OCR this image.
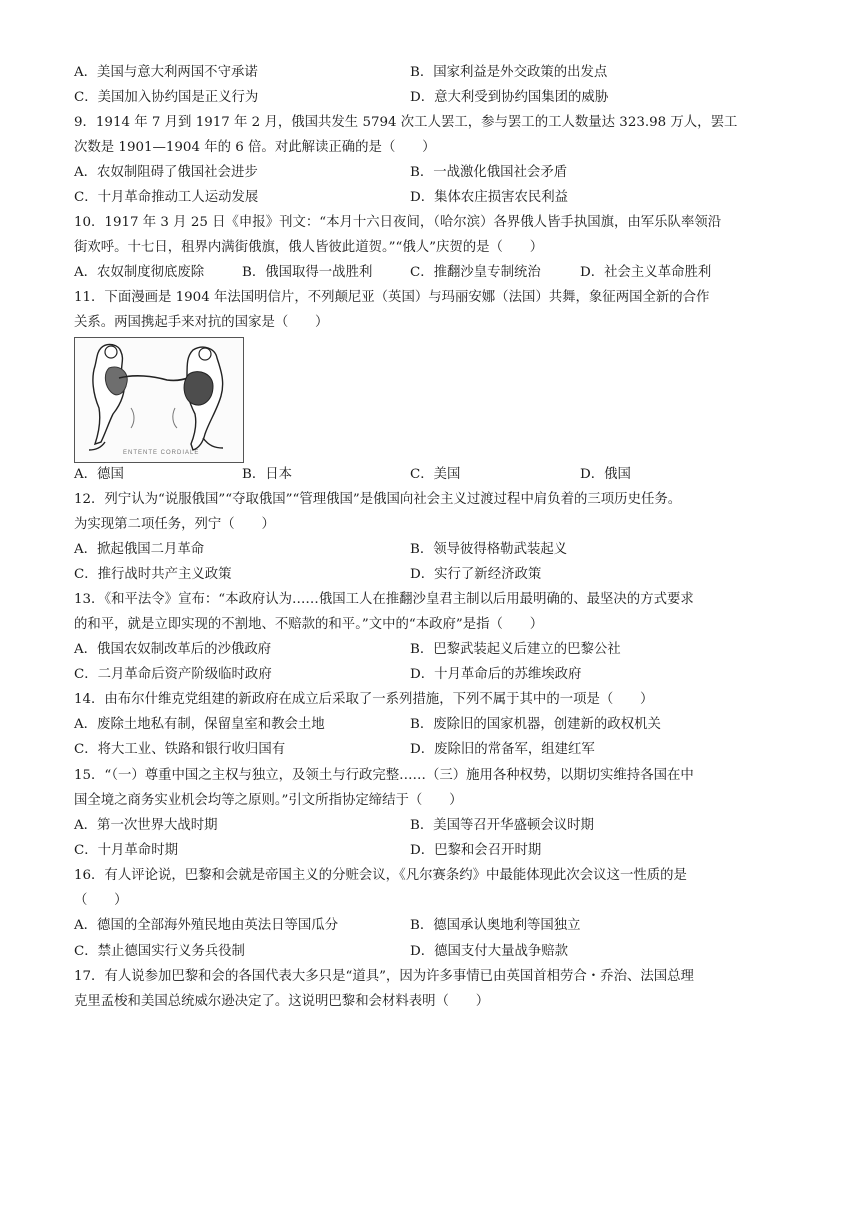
A．美国与意大利两国不守承诺	B．国家利益是外交政策的出发点
C．美国加入协约国是正义行为	D．意大利受到协约国集团的威胁
9．1914 年 7 月到 1917 年 2 月，俄国共发生 5794 次工人罢工，参与罢工的工人数量达 323.98 万人，罢工
次数是 1901—1904 年的 6 倍。对此解读正确的是（　　）
A．农奴制阻碍了俄国社会进步	B．一战激化俄国社会矛盾
C．十月革命推动工人运动发展	D．集体农庄损害农民利益
10．1917 年 3 月 25 日《申报》刊文：“本月十六日夜间，（哈尔滨）各界俄人皆手执国旗，由军乐队率领沿
街欢呼。十七日，租界内满街俄旗，俄人皆彼此道贺。”“俄人”庆贺的是（　　）
A．农奴制度彻底废除	B．俄国取得一战胜利	C．推翻沙皇专制统治	D．社会主义革命胜利
11．下面漫画是 1904 年法国明信片，不列颠尼亚（英国）与玛丽安娜（法国）共舞，象征两国全新的合作
关系。两国携起手来对抗的国家是（　　）
ENTENTE CORDIALE
A．德国	B．日本	C．美国	D．俄国
12．列宁认为“说服俄国”“夺取俄国”“管理俄国”是俄国向社会主义过渡过程中肩负着的三项历史任务。
为实现第二项任务，列宁（　　）
A．掀起俄国二月革命	B．领导彼得格勒武装起义
C．推行战时共产主义政策	D．实行了新经济政策
13．《和平法令》宣布：“本政府认为……俄国工人在推翻沙皇君主制以后用最明确的、最坚决的方式要求
的和平，就是立即实现的不割地、不赔款的和平。”文中的“本政府”是指（　　）
A．俄国农奴制改革后的沙俄政府	B．巴黎武装起义后建立的巴黎公社
C．二月革命后资产阶级临时政府	D．十月革命后的苏维埃政府
14．由布尔什维克党组建的新政府在成立后采取了一系列措施，下列不属于其中的一项是（　　）
A．废除土地私有制，保留皇室和教会土地	B．废除旧的国家机器，创建新的政权机关
C．将大工业、铁路和银行收归国有	D．废除旧的常备军，组建红军
15．“（一）尊重中国之主权与独立，及领土与行政完整……（三）施用各种权势，以期切实维持各国在中
国全境之商务实业机会均等之原则。”引文所指协定缔结于（　　）
A．第一次世界大战时期	B．美国等召开华盛顿会议时期
C．十月革命时期	D．巴黎和会召开时期
16．有人评论说，巴黎和会就是帝国主义的分赃会议，《凡尔赛条约》中最能体现此次会议这一性质的是
（　　）
A．德国的全部海外殖民地由英法日等国瓜分	B．德国承认奥地利等国独立
C．禁止德国实行义务兵役制	D．德国支付大量战争赔款
17．有人说参加巴黎和会的各国代表大多只是“道具”，因为许多事情已由英国首相劳合・乔治、法国总理
克里孟梭和美国总统威尔逊决定了。这说明巴黎和会材料表明（　　）
